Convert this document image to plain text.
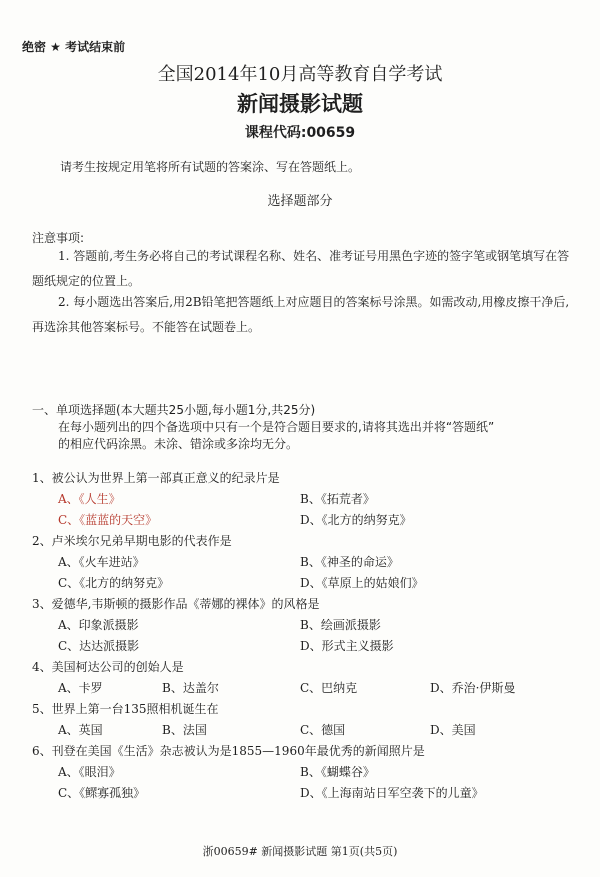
绝密 ★ 考试结束前
全国2014年10月高等教育自学考试
新闻摄影试题
课程代码:00659
请考生按规定用笔将所有试题的答案涂、写在答题纸上。
选择题部分
注意事项:
1. 答题前,考生务必将自己的考试课程名称、姓名、准考证号用黑色字迹的签字笔或钢笔填写在答题纸规定的位置上。
2. 每小题选出答案后,用2B铅笔把答题纸上对应题目的答案标号涂黑。如需改动,用橡皮擦干净后,再选涂其他答案标号。不能答在试题卷上。
一、单项选择题(本大题共25小题,每小题1分,共25分)
在每小题列出的四个备选项中只有一个是符合题目要求的,请将其选出并将“答题纸”
的相应代码涂黑。未涂、错涂或多涂均无分。
1、被公认为世界上第一部真正意义的纪录片是
A、《人生》	B、《拓荒者》
C、《蓝蓝的天空》	D、《北方的纳努克》
2、卢米埃尔兄弟早期电影的代表作是
A、《火车进站》	B、《神圣的命运》
C、《北方的纳努克》	D、《草原上的姑娘们》
3、爱德华,韦斯顿的摄影作品《蒂娜的裸体》的风格是
A、印象派摄影	B、绘画派摄影
C、达达派摄影	D、形式主义摄影
4、美国柯达公司的创始人是
A、卡罗	B、达盖尔	C、巴纳克	D、乔治·伊斯曼
5、世界上第一台135照相机诞生在
A、英国	B、法国	C、德国	D、美国
6、刊登在美国《生活》杂志被认为是1855—1960年最优秀的新闻照片是
A、《眼泪》	B、《蝴蝶谷》
C、《鳏寡孤独》	D、《上海南站日军空袭下的儿童》
浙00659# 新闻摄影试题 第1页(共5页)
